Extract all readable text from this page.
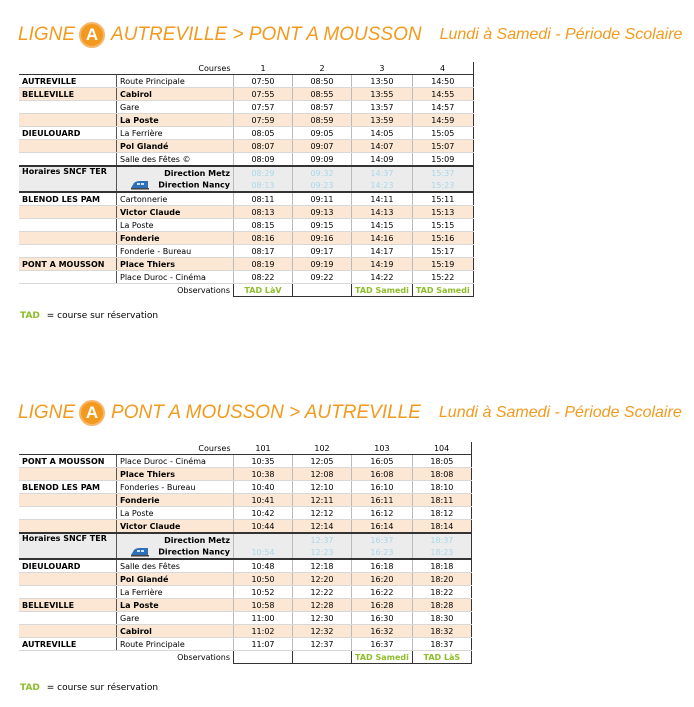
LIGNE A AUTREVILLE > PONT A MOUSSON Lundi à Samedi - Période Scolaire
	Courses	1	2	3	4
AUTREVILLE	Route Principale	07:50	08:50	13:50	14:50
BELLEVILLE	Cabirol	07:55	08:55	13:55	14:55
	Gare	07:57	08:57	13:57	14:57
	La Poste	07:59	08:59	13:59	14:59
DIEULOUARD	La Ferrière	08:05	09:05	14:05	15:05
	Pol Glandé	08:07	09:07	14:07	15:07
	Salle des Fêtes ©	08:09	09:09	14:09	15:09
Horaires SNCF TER	Direction Metz	08:29	09:32	14:37	15:37
	Direction Nancy	08:13	09:23	14:23	15:23
BLENOD LES PAM	Cartonnerie	08:11	09:11	14:11	15:11
	Victor Claude	08:13	09:13	14:13	15:13
	La Poste	08:15	09:15	14:15	15:15
	Fonderie	08:16	09:16	14:16	15:16
	Fonderie - Bureau	08:17	09:17	14:17	15:17
PONT A MOUSSON	Place Thiers	08:19	09:19	14:19	15:19
	Place Duroc - Cinéma	08:22	09:22	14:22	15:22
	Observations	TAD LàV		TAD Samedi	TAD Samedi
TAD = course sur réservation
LIGNE A PONT A MOUSSON > AUTREVILLE Lundi à Samedi - Période Scolaire
	Courses	101	102	103	104
PONT A MOUSSON	Place Duroc - Cinéma	10:35	12:05	16:05	18:05
	Place Thiers	10:38	12:08	16:08	18:08
BLENOD LES PAM	Fonderies - Bureau	10:40	12:10	16:10	18:10
	Fonderie	10:41	12:11	16:11	18:11
	La Poste	10:42	12:12	16:12	18:12
	Victor Claude	10:44	12:14	16:14	18:14
Horaires SNCF TER	Direction Metz		12:37	16:37	18:37
	Direction Nancy	10:54	12:23	16:23	18:23
DIEULOUARD	Salle des Fêtes	10:48	12:18	16:18	18:18
	Pol Glandé	10:50	12:20	16:20	18:20
	La Ferrière	10:52	12:22	16:22	18:22
BELLEVILLE	La Poste	10:58	12:28	16:28	18:28
	Gare	11:00	12:30	16:30	18:30
	Cabirol	11:02	12:32	16:32	18:32
AUTREVILLE	Route Principale	11:07	12:37	16:37	18:37
	Observations			TAD Samedi	TAD LàS
TAD = course sur réservation
